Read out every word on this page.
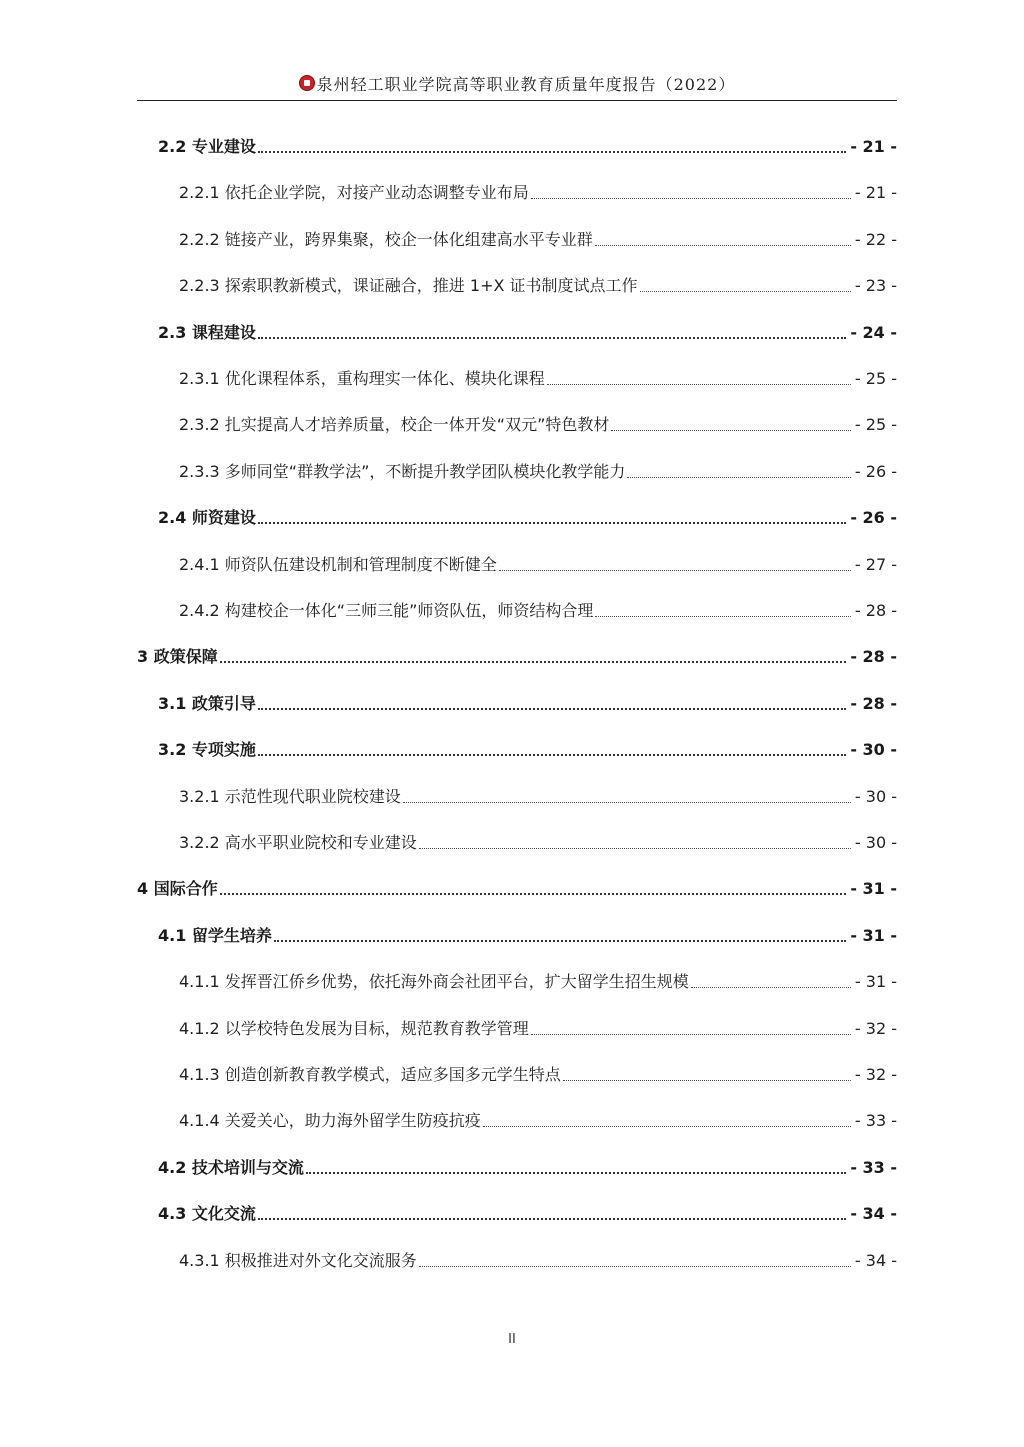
泉州轻工职业学院高等职业教育质量年度报告（2022）
2.2 专业建设	- 21 -
2.2.1 依托企业学院，对接产业动态调整专业布局	- 21 -
2.2.2 链接产业，跨界集聚，校企一体化组建高水平专业群	- 22 -
2.2.3 探索职教新模式，课证融合，推进 1+X 证书制度试点工作	- 23 -
2.3 课程建设	- 24 -
2.3.1 优化课程体系，重构理实一体化、模块化课程	- 25 -
2.3.2 扎实提高人才培养质量，校企一体开发“双元”特色教材	- 25 -
2.3.3 多师同堂“群教学法”，不断提升教学团队模块化教学能力	- 26 -
2.4 师资建设	- 26 -
2.4.1 师资队伍建设机制和管理制度不断健全	- 27 -
2.4.2 构建校企一体化“三师三能”师资队伍，师资结构合理	- 28 -
3 政策保障	- 28 -
3.1 政策引导	- 28 -
3.2 专项实施	- 30 -
3.2.1 示范性现代职业院校建设	- 30 -
3.2.2 高水平职业院校和专业建设	- 30 -
4 国际合作	- 31 -
4.1 留学生培养	- 31 -
4.1.1 发挥晋江侨乡优势，依托海外商会社团平台，扩大留学生招生规模	- 31 -
4.1.2 以学校特色发展为目标，规范教育教学管理	- 32 -
4.1.3 创造创新教育教学模式，适应多国多元学生特点	- 32 -
4.1.4 关爱关心，助力海外留学生防疫抗疫	- 33 -
4.2 技术培训与交流	- 33 -
4.3 文化交流	- 34 -
4.3.1 积极推进对外文化交流服务	- 34 -
II
